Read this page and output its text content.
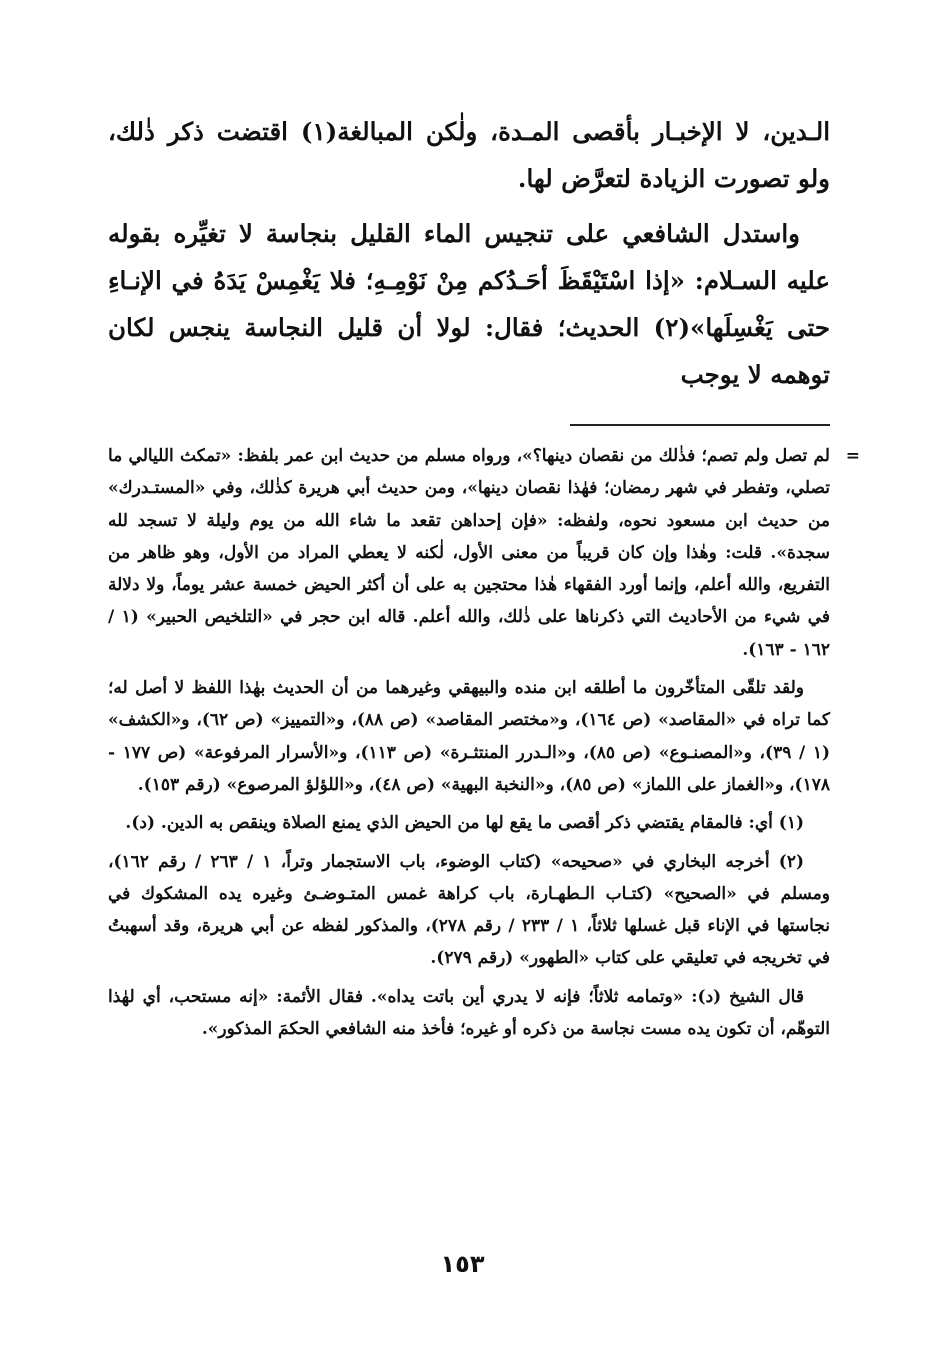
الـدين، لا الإخبـار بأقصى المـدة، ولٰكن المبالغة(١) اقتضت ذكر ذٰلك، ولو تصورت الزيادة لتعرَّض لها.

واستدل الشافعي على تنجيس الماء القليل بنجاسة لا تغيِّره بقوله عليه السـلام: «إذا اسْتَيْقَظَ أحَـدُكم مِنْ نَوْمِـهِ؛ فلا يَغْمِسْ يَدَهُ في الإنـاءِ حتى يَغْسِلَها»(٢) الحديث؛ فقال: لولا أن قليل النجاسة ينجس لكان توهمه لا يوجب

=
لم تصل ولم تصم؛ فذٰلك من نقصان دينها؟»، ورواه مسلم من حديث ابن عمر بلفظ: «تمكث الليالي ما تصلي، وتفطر في شهر رمضان؛ فهٰذا نقصان دينها»، ومن حديث أبي هريرة كذٰلك، وفي «المستـدرك» من حديث ابن مسعود نحوه، ولفظه: «فإن إحداهن تقعد ما شاء الله من يوم وليلة لا تسجد لله سجدة». قلت: وهٰذا وإن كان قريباً من معنى الأول، لٰكنه لا يعطي المراد من الأول، وهو ظاهر من التفريع، والله أعلم، وإنما أورد الفقهاء هٰذا محتجين به على أن أكثر الحيض خمسة عشر يوماً، ولا دلالة في شيء من الأحاديث التي ذكرناها على ذٰلك، والله أعلم. قاله ابن حجر في «التلخيص الحبير» (١ / ١٦٢ - ١٦٣).

ولقد تلقّى المتأخّرون ما أطلقه ابن منده والبيهقي وغيرهما من أن الحديث بهٰذا اللفظ لا أصل له؛ كما تراه في «المقاصد» (ص ١٦٤)، و«مختصر المقاصد» (ص ٨٨)، و«التمييز» (ص ٦٢)، و«الكشف» (١ / ٣٩)، و«المصنـوع» (ص ٨٥)، و«الـدرر المنتثـرة» (ص ١١٣)، و«الأسرار المرفوعة» (ص ١٧٧ - ١٧٨)، و«الغماز على اللماز» (ص ٨٥)، و«النخبة البهية» (ص ٤٨)، و«اللؤلؤ المرصوع» (رقم ١٥٣).

(١) أي: فالمقام يقتضي ذكر أقصى ما يقع لها من الحيض الذي يمنع الصلاة وينقص به الدين. (د).

(٢) أخرجه البخاري في «صحيحه» (كتاب الوضوء، باب الاستجمار وتراً، ١ / ٢٦٣ / رقم ١٦٢)، ومسلم في «الصحيح» (كتـاب الـطهـارة، باب كراهة غمس المتـوضـئ وغيره يده المشكوك في نجاستها في الإناء قبل غسلها ثلاثاً، ١ / ٢٣٣ / رقم ٢٧٨)، والمذكور لفظه عن أبي هريرة، وقد أسهبتُ في تخريجه في تعليقي على كتاب «الطهور» (رقم ٢٧٩).

قال الشيخ (د): «وتمامه ثلاثاً؛ فإنه لا يدري أين باتت يداه». فقال الأئمة: «إنه مستحب، أي لهٰذا التوهّم، أن تكون يده مست نجاسة من ذكره أو غيره؛ فأخذ منه الشافعي الحكمَ المذكور».

١٥٣
